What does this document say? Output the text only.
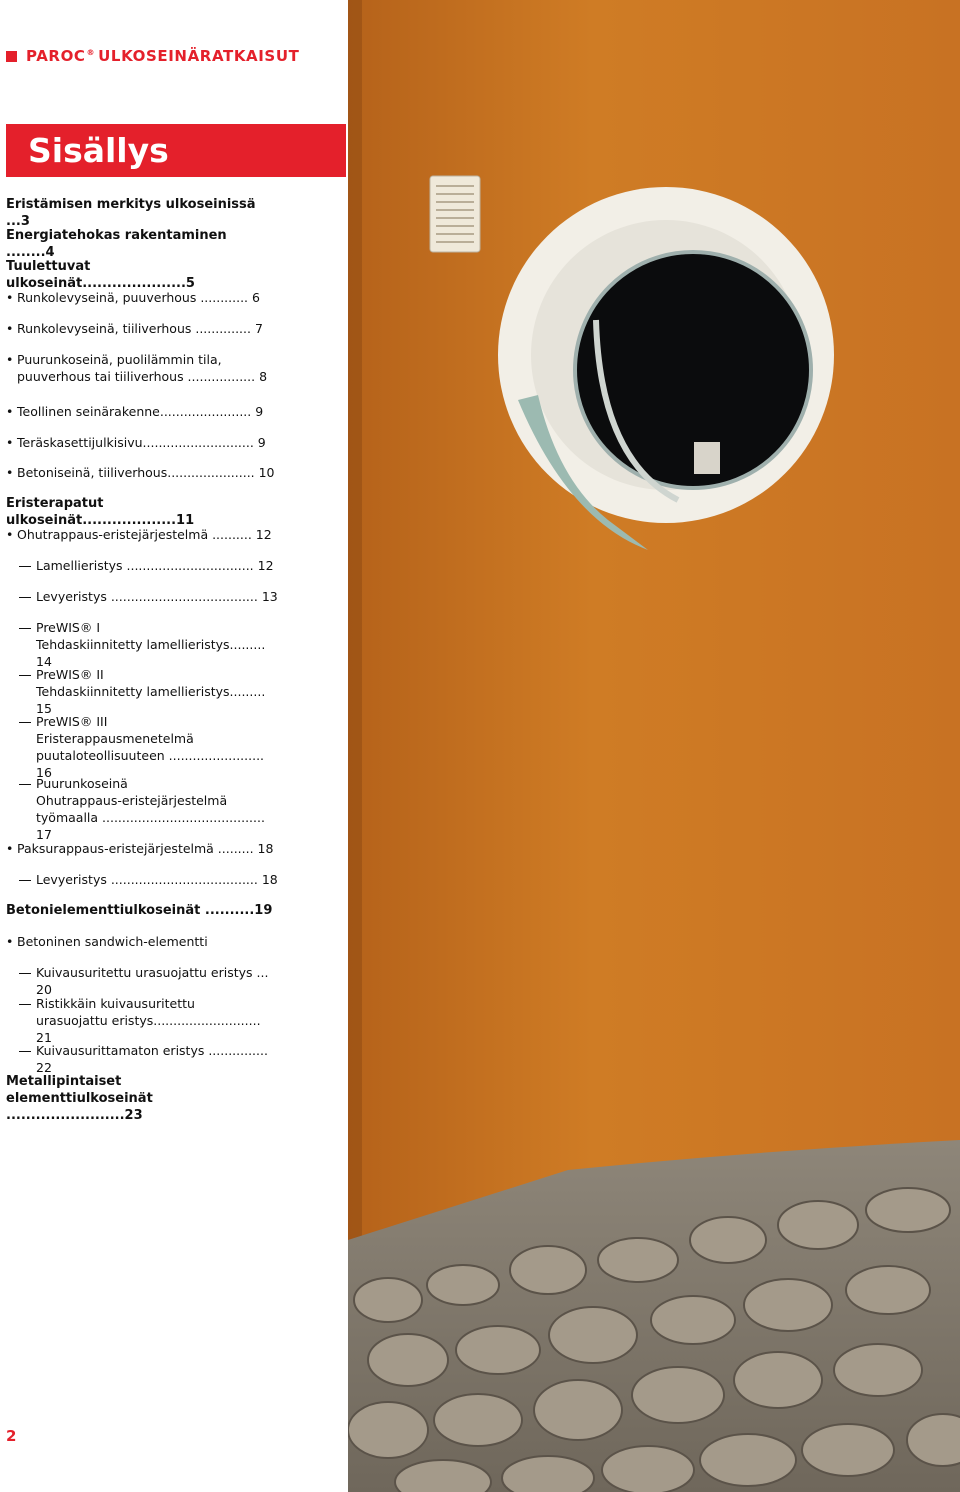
PAROC® ULKOSEINÄRATKAISUT
Sisällys
Eristämisen merkitys ulkoseinissä ...3
Energiatehokas rakentaminen ........4
Tuulettuvat ulkoseinät.....................5
• Runkolevyseinä, puuverhous ............ 6
• Runkolevyseinä, tiiliverhous .............. 7
• Puurunkoseinä, puolilämmin tila,
puuverhous tai tiiliverhous ................. 8
• Teollinen seinärakenne....................... 9
• Teräskasettijulkisivu............................ 9
• Betoniseinä, tiiliverhous...................... 10
Eristerapatut ulkoseinät...................11
• Ohutrappaus-eristejärjestelmä .......... 12
Lamellieristys ................................ 12
Levyeristys ..................................... 13
PreWIS® I
Tehdaskiinnitetty lamellieristys......... 14
PreWIS® II
Tehdaskiinnitetty lamellieristys......... 15
PreWIS® III
Eristerappausmenetelmä
puutaloteollisuuteen ........................ 16
Puurunkoseinä
Ohutrappaus-eristejärjestelmä
työmaalla ......................................... 17
• Paksurappaus-eristejärjestelmä ......... 18
Levyeristys ..................................... 18
Betonielementtiulkoseinät ..........19
• Betoninen sandwich-elementti
Kuivausuritettu urasuojattu eristys ... 20
Ristikkäin kuivausuritettu
urasuojattu eristys........................... 21
Kuivausurittamaton eristys ............... 22
Metallipintaiset
elementtiulkoseinät ........................23
2
